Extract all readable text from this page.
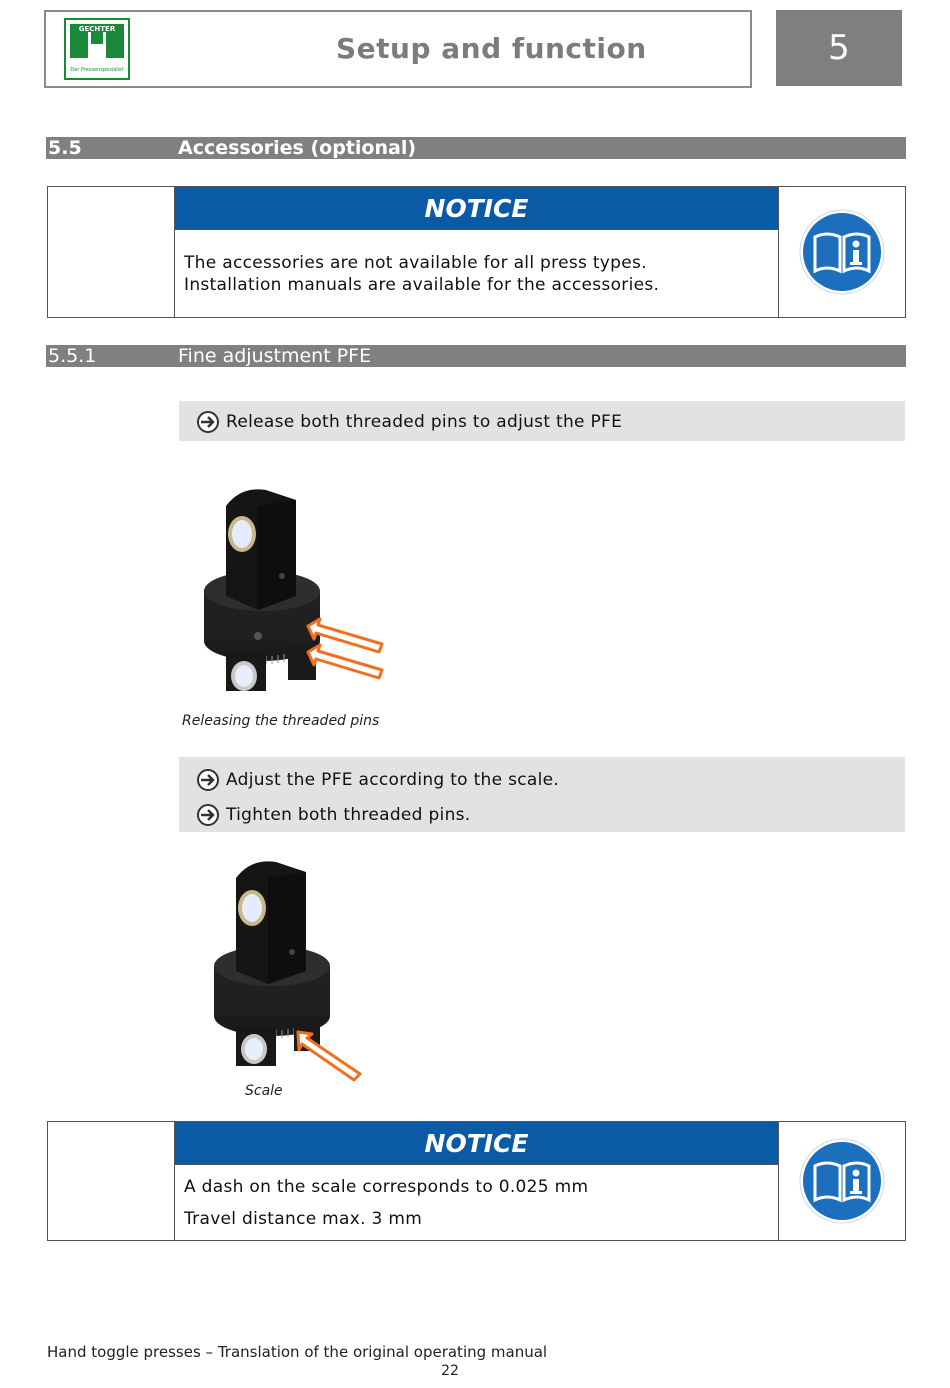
GECHTER
Der Pressenspezialist
Setup and function	5
5.5	Accessories (optional)
NOTICE
The accessories are not available for all press types.
Installation manuals are available for the accessories.
5.5.1	Fine adjustment PFE
Release both threaded pins to adjust the PFE
Releasing the threaded pins
Adjust the PFE according to the scale.
Tighten both threaded pins.
Scale
NOTICE
A dash on the scale corresponds to 0.025 mm
Travel distance max. 3 mm
Hand toggle presses – Translation of the original operating manual
22
